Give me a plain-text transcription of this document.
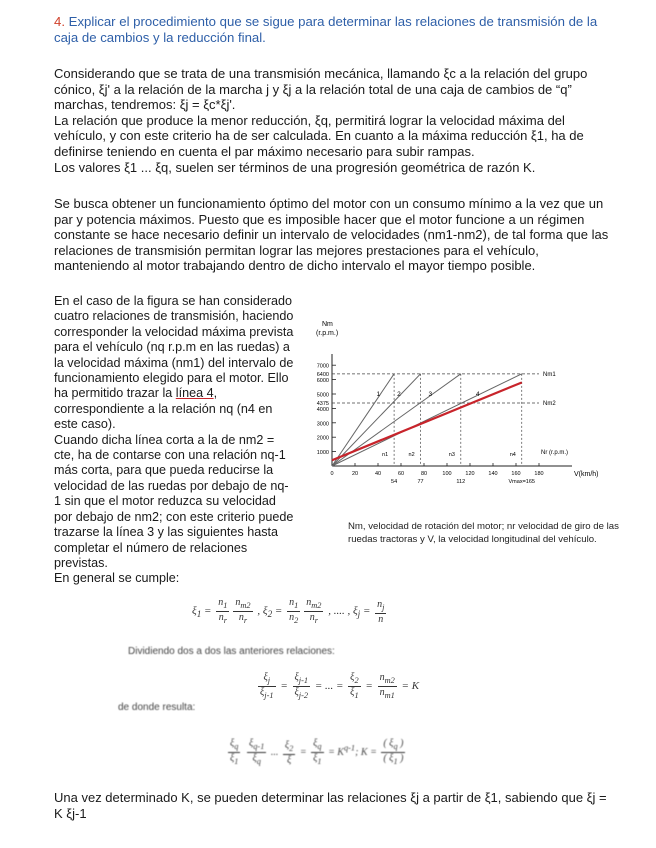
4. Explicar el procedimiento que se sigue para determinar las relaciones de transmisión de la caja de cambios y la reducción final.

Considerando que se trata de una transmisión mecánica, llamando ξc a la relación del grupo cónico, ξj' a la relación de la marcha j y ξj a la relación total de una caja de cambios de “q” marchas, tendremos: ξj = ξc*ξj'.

La relación que produce la menor reducción, ξq, permitirá lograr la velocidad máxima del vehículo, y con este criterio ha de ser calculada. En cuanto a la máxima reducción ξ1, ha de definirse teniendo en cuenta el par máximo necesario para subir rampas.

Los valores ξ1 ... ξq, suelen ser términos de una progresión geométrica de razón K.

Se busca obtener un funcionamiento óptimo del motor con un consumo mínimo a la vez que un par y potencia máximos. Puesto que es imposible hacer que el motor funcione a un régimen constante se hace necesario definir un intervalo de velocidades (nm1-nm2), de tal forma que las relaciones de transmisión permitan lograr las mejores prestaciones para el vehículo, manteniendo al motor trabajando dentro de dicho intervalo el mayor tiempo posible.

En el caso de la figura se han considerado cuatro relaciones de transmisión, haciendo corresponder la velocidad máxima prevista para el vehículo (nq r.p.m en las ruedas) a la velocidad máxima (nm1) del intervalo de funcionamiento elegido para el motor. Ello ha permitido trazar la línea 4, correspondiente a la relación nq (n4 en este caso).

Cuando dicha línea corta a la de nm2 = cte, ha de contarse con una relación nq-1 más corta, para que pueda reducirse la velocidad de las ruedas por debajo de nq-1 sin que el motor reduzca su velocidad por debajo de nm2; con este criterio puede trazarse la línea 3 y las siguientes hasta completar el número de relaciones previstas.

En general se cumple:

Nm
(r.p.m.)
1000
2000
3000
4000
5000
6000
7000
6400
4375
Nm1
Nm2
n1	n2	n3	n4
20	40	60	80	100	120	140	160	180
0
54	77	112	Vmax=165
Nr (r.p.m.)
V(km/h)
1	2	3	4
Nm, velocidad de rotación del motor; nr velocidad de giro de las ruedas tractoras y V, la velocidad longitudinal del vehículo.
$\xi_1 = \frac{n_1}{n_r} \frac{n_{m2}}{n_r}$ , $\xi_2 = \frac{n_1}{n_2} \frac{n_{m2}}{n_r}$ , .... , $\xi_j = \frac{n_j}{n}$
Dividiendo dos a dos las anteriores relaciones:
$\frac{\xi_j}{\xi_{j-1}} = \frac{\xi_{j-1}}{\xi_{j-2}}$ = ... = $\frac{\xi_2}{\xi_1} = \frac{n_{m2}}{n_{m1}} = K$
de donde resulta:
$\frac{\xi_q}{\xi_1}$
$\frac{\xi_{q-1}}{\xi_q}$ ... $\frac{\xi_2}{\xi} = \frac{\xi_q}{\xi_1} = K^{q-1}$; $K = \frac{( \xi_q )}{( \xi_1 )}$
Una vez determinado K, se pueden determinar las relaciones ξj a partir de ξ1, sabiendo que ξj = K ξj-1
